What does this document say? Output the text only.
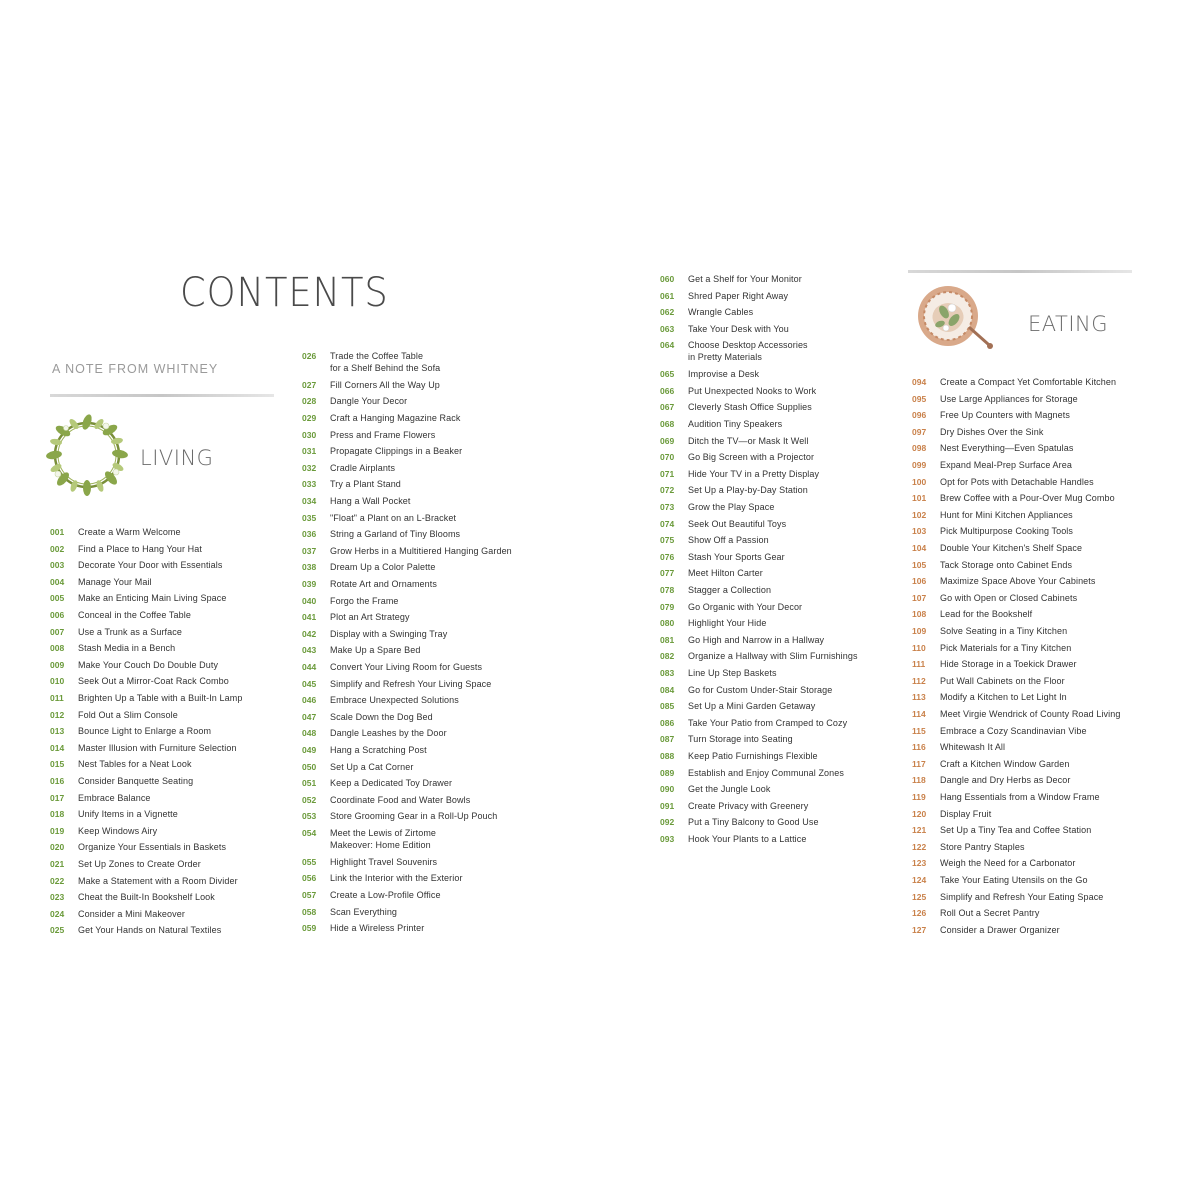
CONTENTS
A NOTE FROM WHITNEY
LIVING
EATING
001	Create a Warm Welcome
002	Find a Place to Hang Your Hat
003	Decorate Your Door with Essentials
004	Manage Your Mail
005	Make an Enticing Main Living Space
006	Conceal in the Coffee Table
007	Use a Trunk as a Surface
008	Stash Media in a Bench
009	Make Your Couch Do Double Duty
010	Seek Out a Mirror-Coat Rack Combo
011	Brighten Up a Table with a Built-In Lamp
012	Fold Out a Slim Console
013	Bounce Light to Enlarge a Room
014	Master Illusion with Furniture Selection
015	Nest Tables for a Neat Look
016	Consider Banquette Seating
017	Embrace Balance
018	Unify Items in a Vignette
019	Keep Windows Airy
020	Organize Your Essentials in Baskets
021	Set Up Zones to Create Order
022	Make a Statement with a Room Divider
023	Cheat the Built-In Bookshelf Look
024	Consider a Mini Makeover
025	Get Your Hands on Natural Textiles
026	Trade the Coffee Table
for a Shelf Behind the Sofa
027	Fill Corners All the Way Up
028	Dangle Your Decor
029	Craft a Hanging Magazine Rack
030	Press and Frame Flowers
031	Propagate Clippings in a Beaker
032	Cradle Airplants
033	Try a Plant Stand
034	Hang a Wall Pocket
035	"Float" a Plant on an L-Bracket
036	String a Garland of Tiny Blooms
037	Grow Herbs in a Multitiered Hanging Garden
038	Dream Up a Color Palette
039	Rotate Art and Ornaments
040	Forgo the Frame
041	Plot an Art Strategy
042	Display with a Swinging Tray
043	Make Up a Spare Bed
044	Convert Your Living Room for Guests
045	Simplify and Refresh Your Living Space
046	Embrace Unexpected Solutions
047	Scale Down the Dog Bed
048	Dangle Leashes by the Door
049	Hang a Scratching Post
050	Set Up a Cat Corner
051	Keep a Dedicated Toy Drawer
052	Coordinate Food and Water Bowls
053	Store Grooming Gear in a Roll-Up Pouch
054	Meet the Lewis of Zirtome
Makeover: Home Edition
055	Highlight Travel Souvenirs
056	Link the Interior with the Exterior
057	Create a Low-Profile Office
058	Scan Everything
059	Hide a Wireless Printer
060	Get a Shelf for Your Monitor
061	Shred Paper Right Away
062	Wrangle Cables
063	Take Your Desk with You
064	Choose Desktop Accessories
in Pretty Materials
065	Improvise a Desk
066	Put Unexpected Nooks to Work
067	Cleverly Stash Office Supplies
068	Audition Tiny Speakers
069	Ditch the TV—or Mask It Well
070	Go Big Screen with a Projector
071	Hide Your TV in a Pretty Display
072	Set Up a Play-by-Day Station
073	Grow the Play Space
074	Seek Out Beautiful Toys
075	Show Off a Passion
076	Stash Your Sports Gear
077	Meet Hilton Carter
078	Stagger a Collection
079	Go Organic with Your Decor
080	Highlight Your Hide
081	Go High and Narrow in a Hallway
082	Organize a Hallway with Slim Furnishings
083	Line Up Step Baskets
084	Go for Custom Under-Stair Storage
085	Set Up a Mini Garden Getaway
086	Take Your Patio from Cramped to Cozy
087	Turn Storage into Seating
088	Keep Patio Furnishings Flexible
089	Establish and Enjoy Communal Zones
090	Get the Jungle Look
091	Create Privacy with Greenery
092	Put a Tiny Balcony to Good Use
093	Hook Your Plants to a Lattice
094	Create a Compact Yet Comfortable Kitchen
095	Use Large Appliances for Storage
096	Free Up Counters with Magnets
097	Dry Dishes Over the Sink
098	Nest Everything—Even Spatulas
099	Expand Meal-Prep Surface Area
100	Opt for Pots with Detachable Handles
101	Brew Coffee with a Pour-Over Mug Combo
102	Hunt for Mini Kitchen Appliances
103	Pick Multipurpose Cooking Tools
104	Double Your Kitchen's Shelf Space
105	Tack Storage onto Cabinet Ends
106	Maximize Space Above Your Cabinets
107	Go with Open or Closed Cabinets
108	Lead for the Bookshelf
109	Solve Seating in a Tiny Kitchen
110	Pick Materials for a Tiny Kitchen
111	Hide Storage in a Toekick Drawer
112	Put Wall Cabinets on the Floor
113	Modify a Kitchen to Let Light In
114	Meet Virgie Wendrick of County Road Living
115	Embrace a Cozy Scandinavian Vibe
116	Whitewash It All
117	Craft a Kitchen Window Garden
118	Dangle and Dry Herbs as Decor
119	Hang Essentials from a Window Frame
120	Display Fruit
121	Set Up a Tiny Tea and Coffee Station
122	Store Pantry Staples
123	Weigh the Need for a Carbonator
124	Take Your Eating Utensils on the Go
125	Simplify and Refresh Your Eating Space
126	Roll Out a Secret Pantry
127	Consider a Drawer Organizer
